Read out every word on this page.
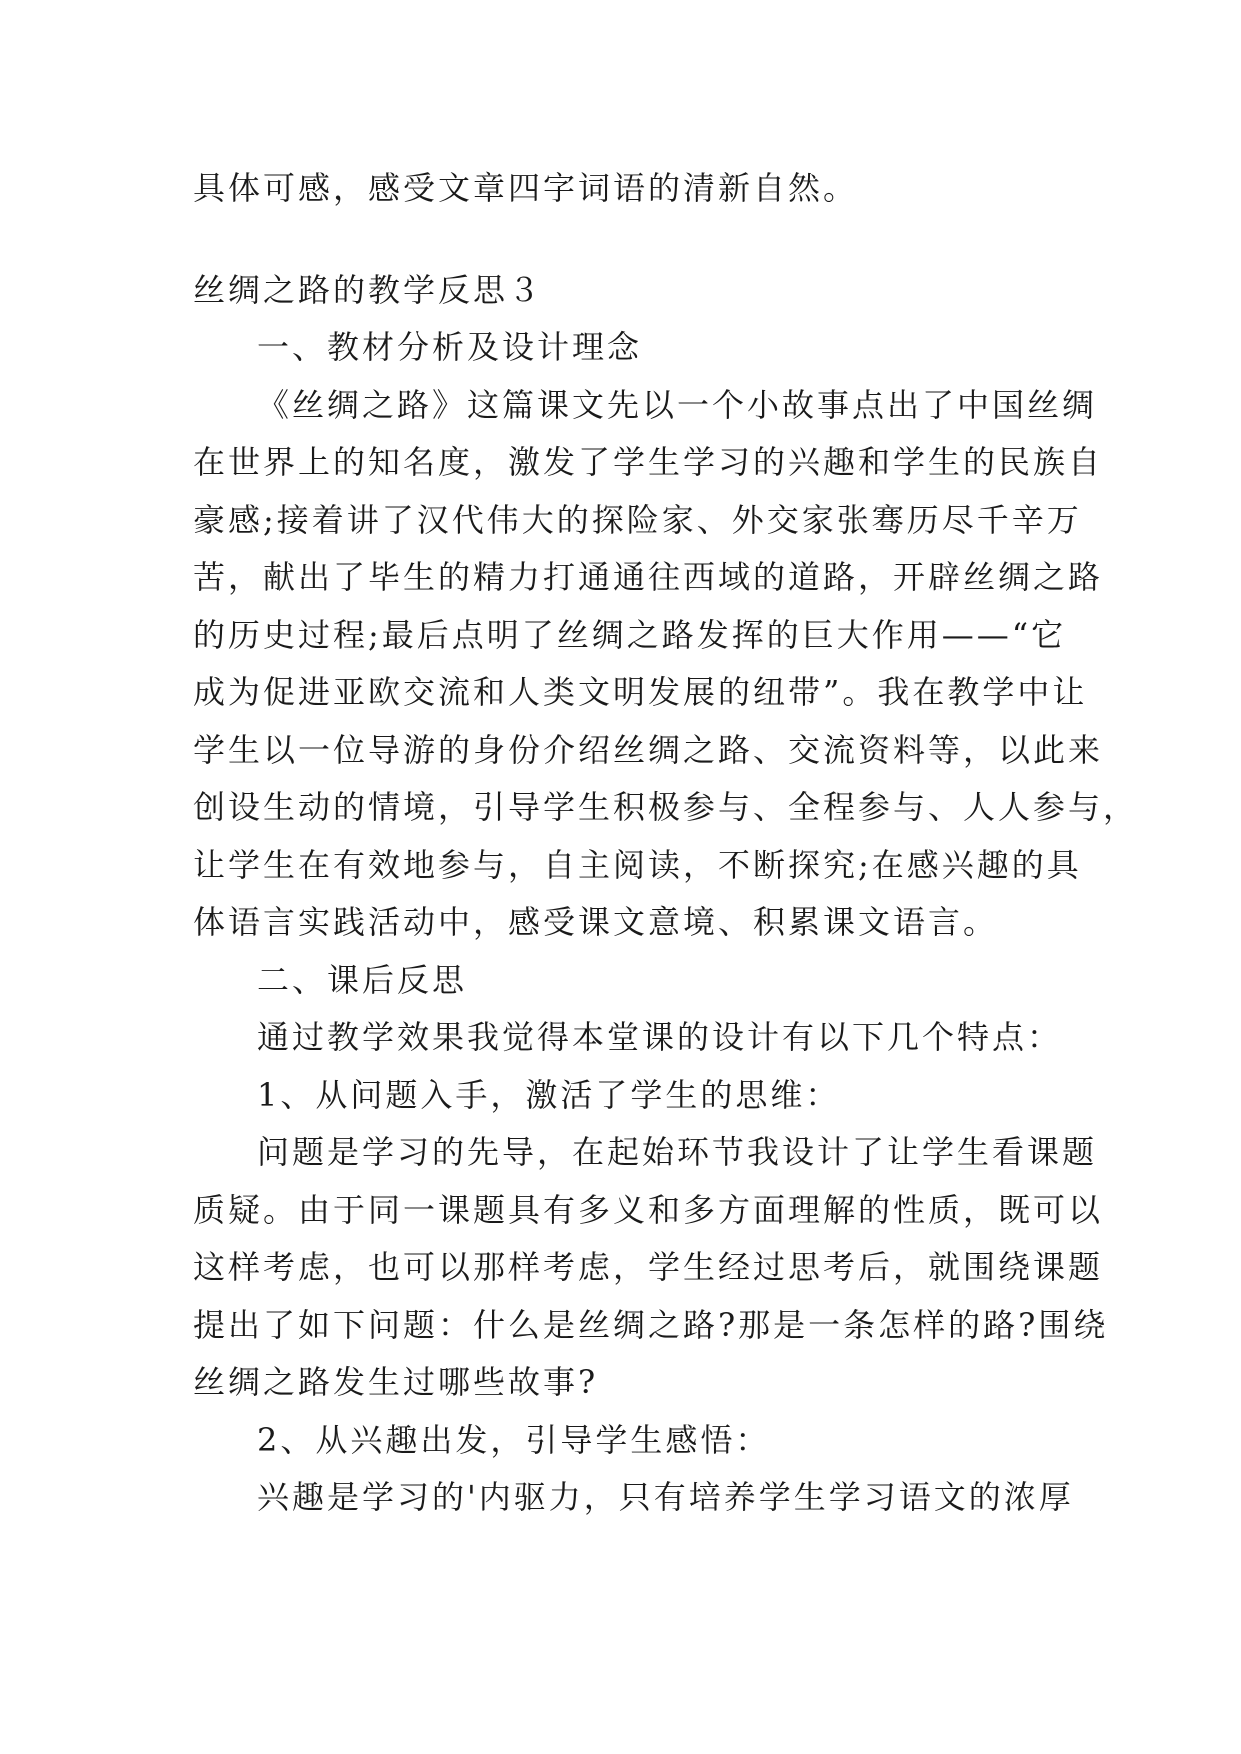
具体可感，感受文章四字词语的清新自然。
丝绸之路的教学反思３
一、教材分析及设计理念
《丝绸之路》这篇课文先以一个小故事点出了中国丝绸
在世界上的知名度，激发了学生学习的兴趣和学生的民族自
豪感;接着讲了汉代伟大的探险家、外交家张骞历尽千辛万
苦，献出了毕生的精力打通通往西域的道路，开辟丝绸之路
的历史过程;最后点明了丝绸之路发挥的巨大作用——“它
成为促进亚欧交流和人类文明发展的纽带”。我在教学中让
学生以一位导游的身份介绍丝绸之路、交流资料等，以此来
创设生动的情境，引导学生积极参与、全程参与、人人参与，
让学生在有效地参与，自主阅读，不断探究;在感兴趣的具
体语言实践活动中，感受课文意境、积累课文语言。
二、课后反思
通过教学效果我觉得本堂课的设计有以下几个特点：
1、从问题入手，激活了学生的思维：
问题是学习的先导，在起始环节我设计了让学生看课题
质疑。由于同一课题具有多义和多方面理解的性质，既可以
这样考虑，也可以那样考虑，学生经过思考后，就围绕课题
提出了如下问题：什么是丝绸之路?那是一条怎样的路?围绕
丝绸之路发生过哪些故事?
2、从兴趣出发，引导学生感悟：
兴趣是学习的'内驱力，只有培养学生学习语文的浓厚
